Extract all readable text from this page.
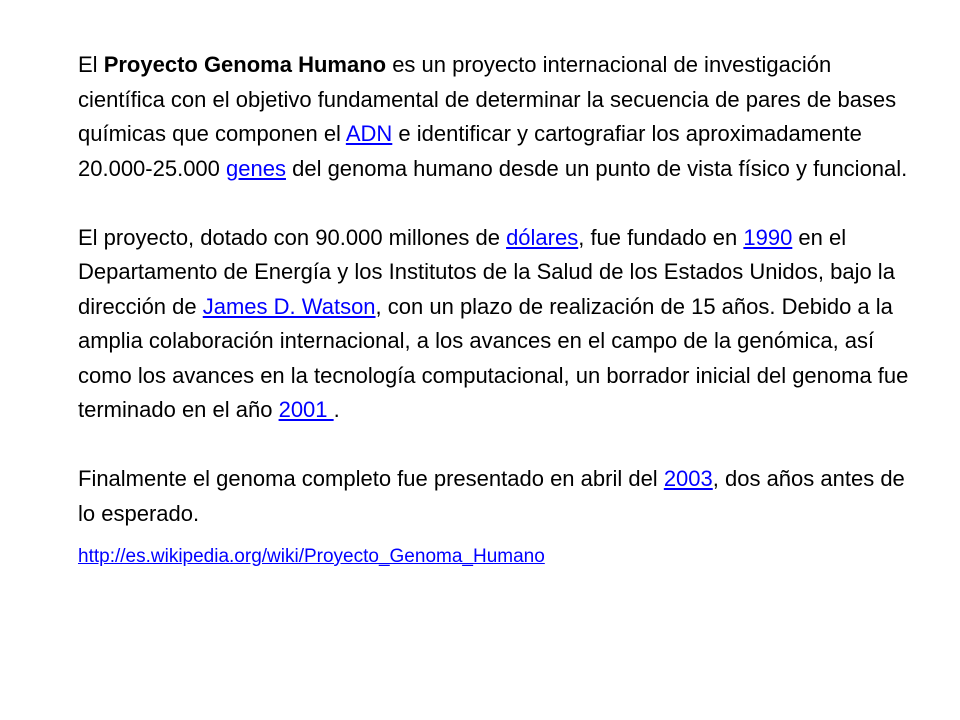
El Proyecto Genoma Humano es un proyecto internacional de investigación científica con el objetivo fundamental de determinar la secuencia de pares de bases químicas que componen el ADN e identificar y cartografiar los aproximadamente 20.000-25.000 genes del genoma humano desde un punto de vista físico y funcional.

El proyecto, dotado con 90.000 millones de dólares, fue fundado en 1990 en el Departamento de Energía y los Institutos de la Salud de los Estados Unidos, bajo la dirección de James D. Watson, con un plazo de realización de 15 años. Debido a la amplia colaboración internacional, a los avances en el campo de la genómica, así como los avances en la tecnología computacional, un borrador inicial del genoma fue terminado en el año 2001 .

Finalmente el genoma completo fue presentado en abril del 2003, dos años antes de lo esperado.

http://es.wikipedia.org/wiki/Proyecto_Genoma_Humano
